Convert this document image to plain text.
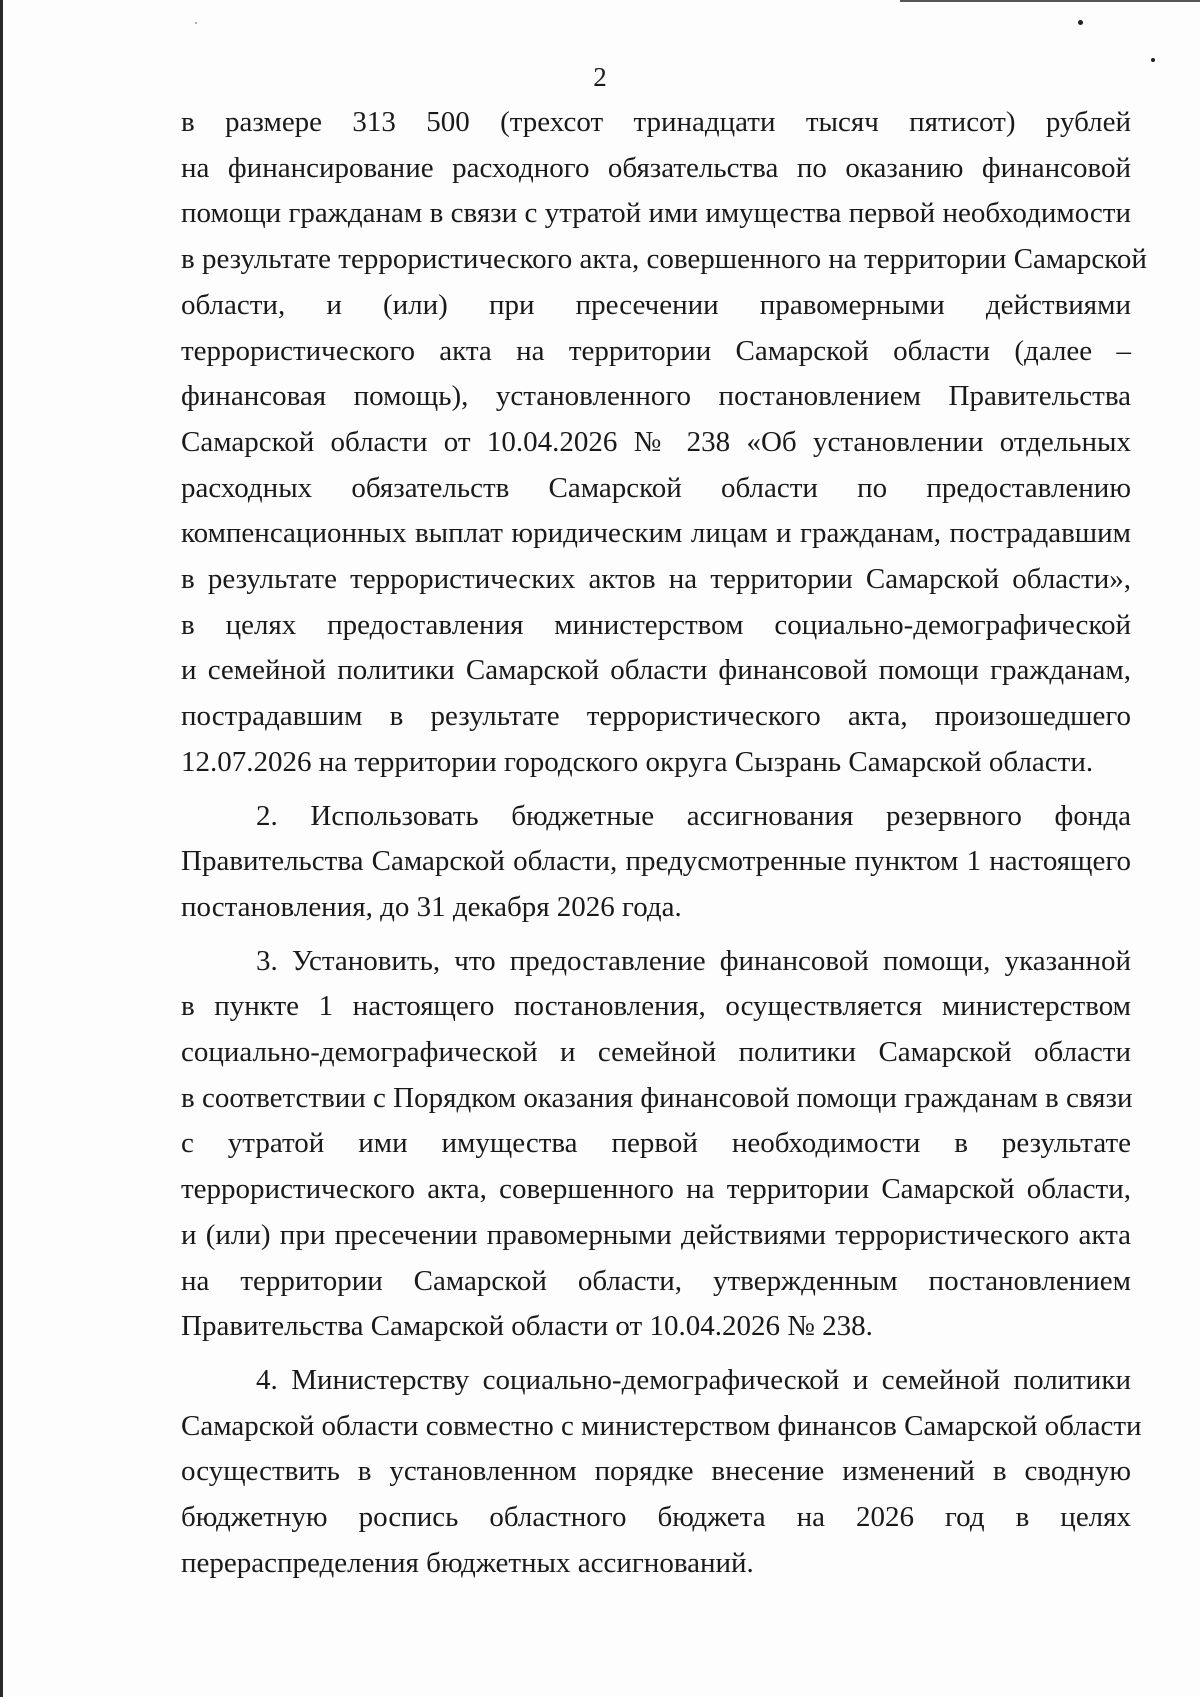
2
в размере 313 500 (трехсот тринадцати тысяч пятисот) рублей
на финансирование расходного обязательства по оказанию финансовой
помощи гражданам в связи с утратой ими имущества первой необходимости
в результате террористического акта, совершенного на территории Самарской
области, и (или) при пресечении правомерными действиями
террористического акта на территории Самарской области (далее –
финансовая помощь), установленного постановлением Правительства
Самарской области от 10.04.2026 № 238 «Об установлении отдельных
расходных обязательств Самарской области по предоставлению
компенсационных выплат юридическим лицам и гражданам, пострадавшим
в результате террористических актов на территории Самарской области»,
в целях предоставления министерством социально-демографической
и семейной политики Самарской области финансовой помощи гражданам,
пострадавшим в результате террористического акта, произошедшего
12.07.2026 на территории городского округа Сызрань Самарской области.
2. Использовать бюджетные ассигнования резервного фонда
Правительства Самарской области, предусмотренные пунктом 1 настоящего
постановления, до 31 декабря 2026 года.
3. Установить, что предоставление финансовой помощи, указанной
в пункте 1 настоящего постановления, осуществляется министерством
социально-демографической и семейной политики Самарской области
в соответствии с Порядком оказания финансовой помощи гражданам в связи
с утратой ими имущества первой необходимости в результате
террористического акта, совершенного на территории Самарской области,
и (или) при пресечении правомерными действиями террористического акта
на территории Самарской области, утвержденным постановлением
Правительства Самарской области от 10.04.2026 № 238.
4. Министерству социально-демографической и семейной политики
Самарской области совместно с министерством финансов Самарской области
осуществить в установленном порядке внесение изменений в сводную
бюджетную роспись областного бюджета на 2026 год в целях
перераспределения бюджетных ассигнований.
